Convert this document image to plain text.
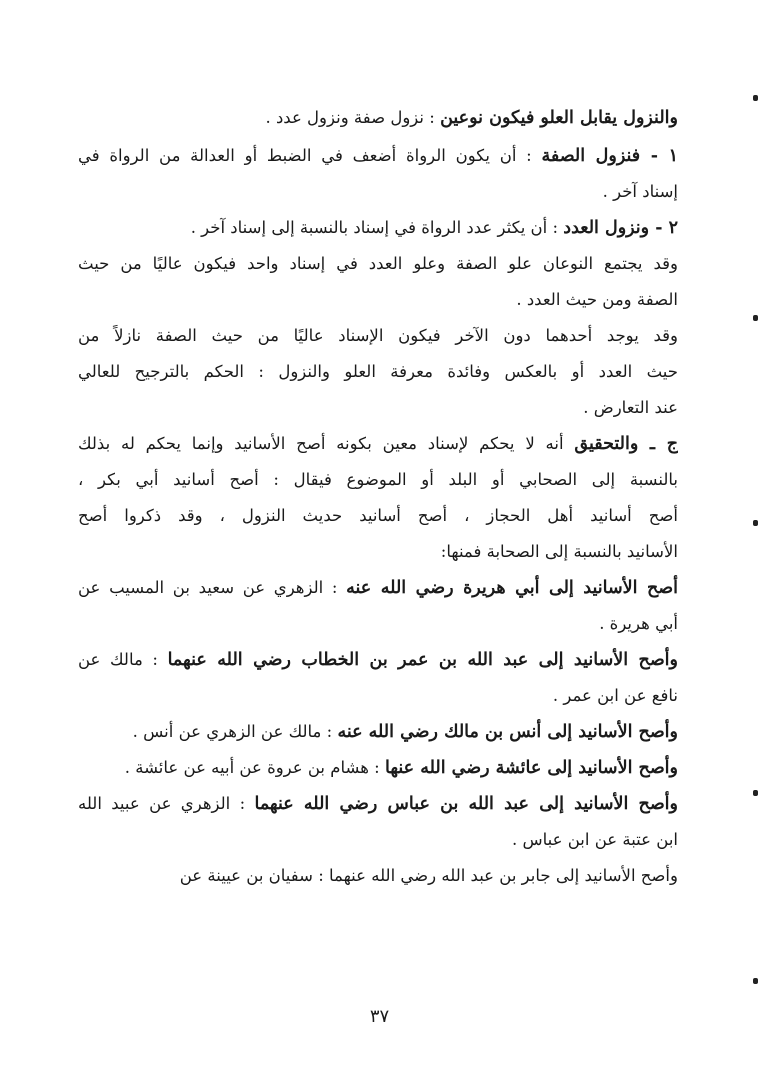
والنزول يقابل العلو فيكون نوعين : نزول صفة ونزول عدد .
١ - فنزول الصفة : أن يكون الرواة أضعف في الضبط أو العدالة من الرواة في
إسناد آخر .
٢ - ونزول العدد : أن يكثر عدد الرواة في إسناد بالنسبة إلى إسناد آخر .
وقد يجتمع النوعان علو الصفة وعلو العدد في إسناد واحد فيكون عاليًا من حيث
الصفة ومن حيث العدد .
وقد يوجد أحدهما دون الآخر فيكون الإسناد عاليًا من حيث الصفة نازلاً من
حيث العدد أو بالعكس وفائدة معرفة العلو والنزول : الحكم بالترجيح للعالي
عند التعارض .
ج ـ والتحقيق أنه لا يحكم لإسناد معين بكونه أصح الأسانيد وإنما يحكم له بذلك
بالنسبة إلى الصحابي أو البلد أو الموضوع فيقال : أصح أسانيد أبي بكر ،
أصح أسانيد أهل الحجاز ، أصح أسانيد حديث النزول ، وقد ذكروا أصح
الأسانيد بالنسبة إلى الصحابة فمنها:
أصح الأسانيد إلى أبي هريرة رضي الله عنه : الزهري عن سعيد بن المسيب عن
أبي هريرة .
وأصح الأسانيد إلى عبد الله بن عمر بن الخطاب رضي الله عنهما : مالك عن
نافع عن ابن عمر .
وأصح الأسانيد إلى أنس بن مالك رضي الله عنه : مالك عن الزهري عن أنس .
وأصح الأسانيد إلى عائشة رضي الله عنها : هشام بن عروة عن أبيه عن عائشة .
وأصح الأسانيد إلى عبد الله بن عباس رضي الله عنهما : الزهري عن عبيد الله
ابن عتبة عن ابن عباس .
وأصح الأسانيد إلى جابر بن عبد الله رضي الله عنهما : سفيان بن عيينة عن
٣٧
